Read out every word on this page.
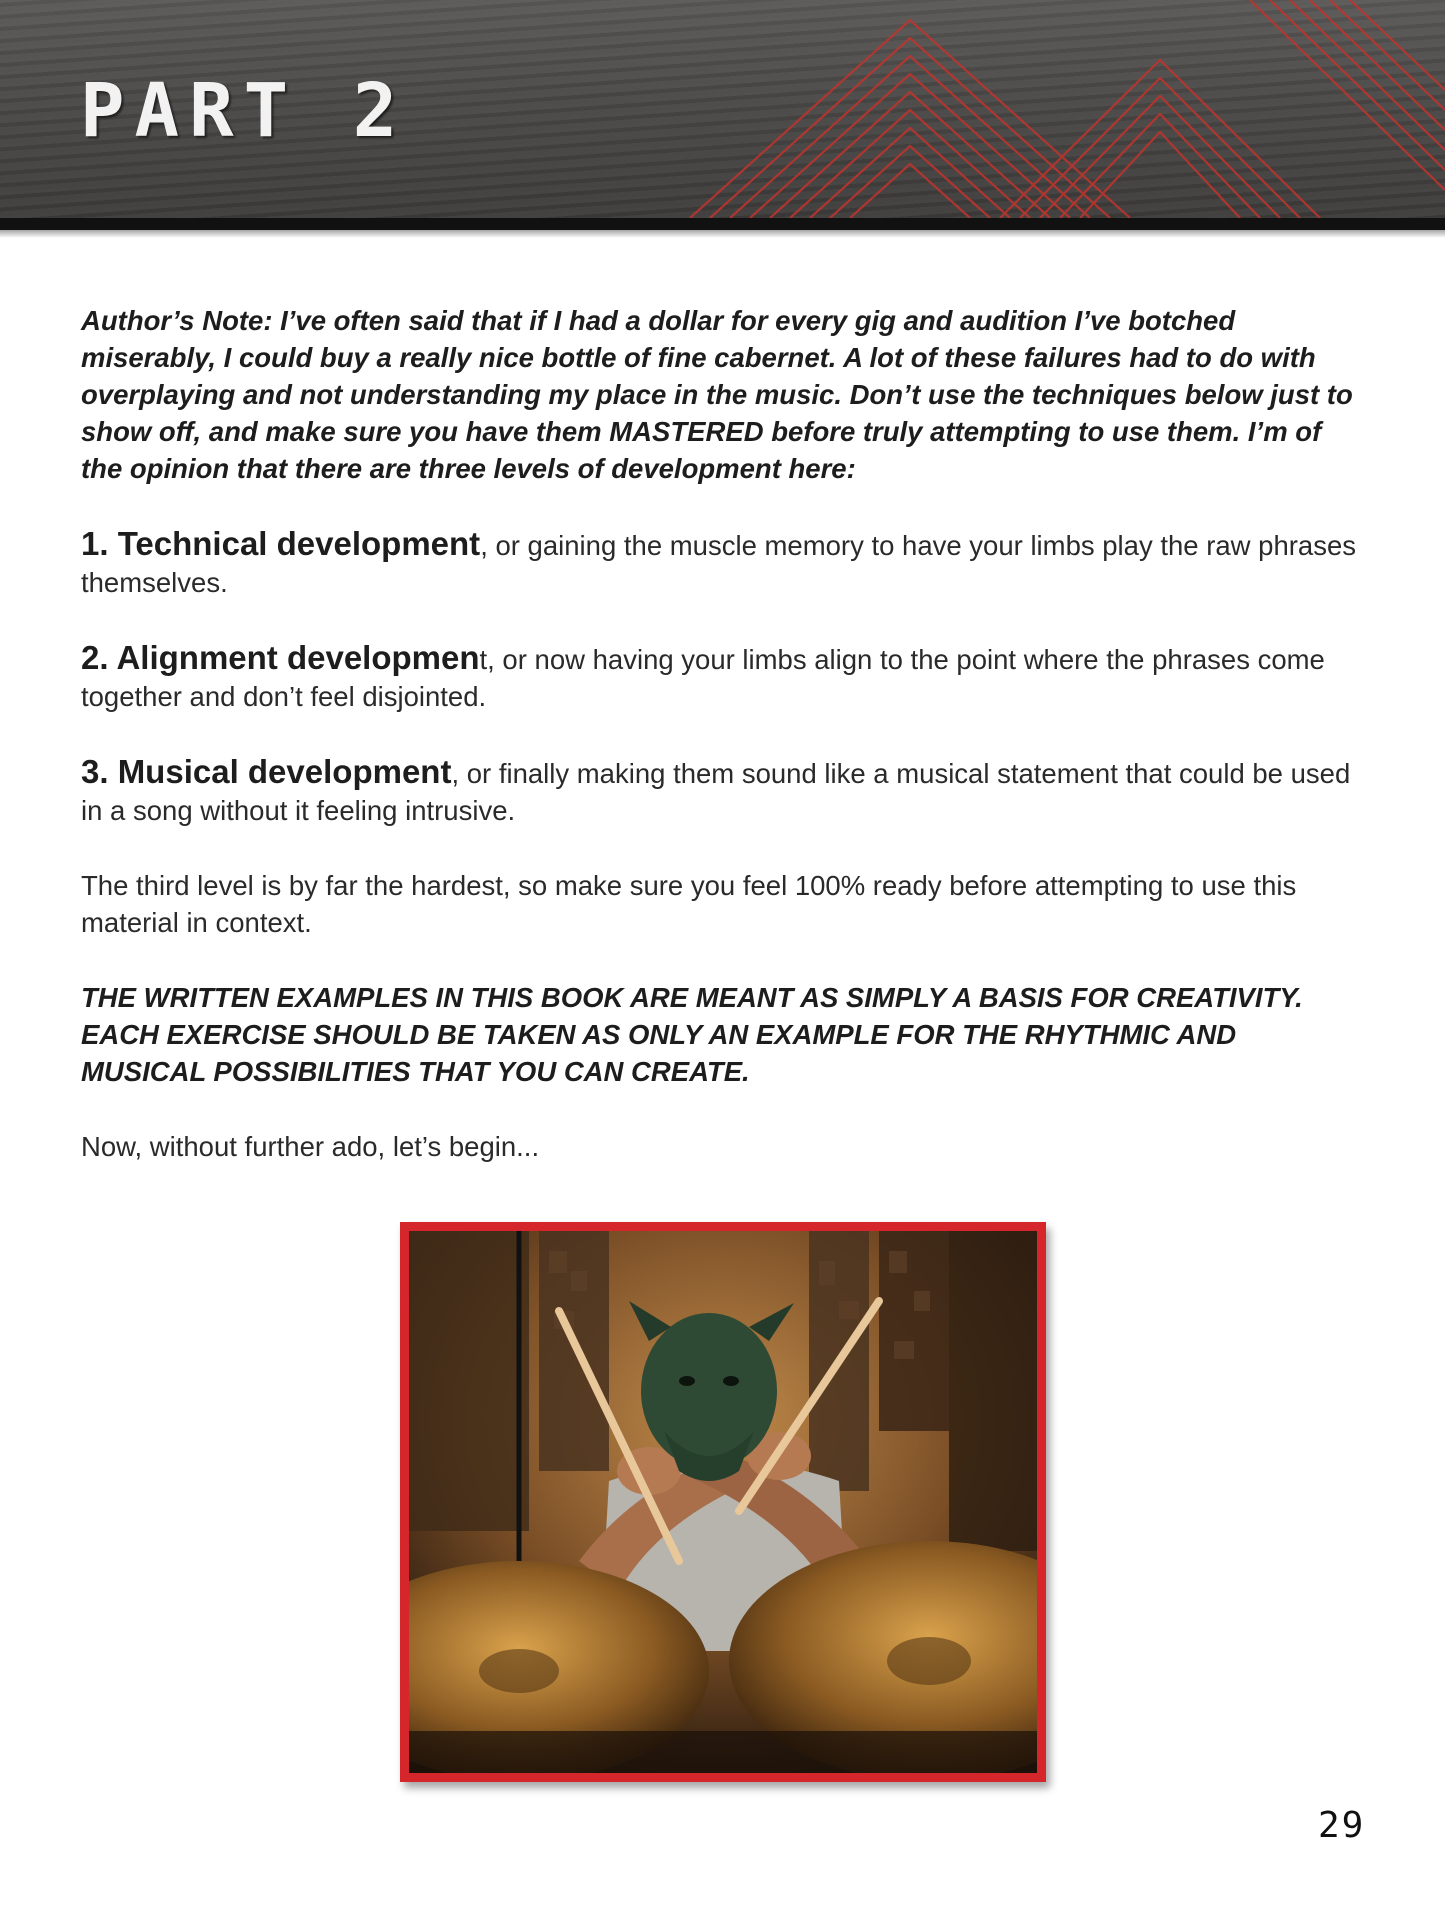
PART 2

Author’s Note: I’ve often said that if I had a dollar for every gig and audition I’ve botched miserably, I could buy a really nice bottle of fine cabernet. A lot of these failures had to do with overplaying and not understanding my place in the music. Don’t use the techniques below just to show off, and make sure you have them MASTERED before truly attempting to use them. I’m of the opinion that there are three levels of development here:

1. Technical development, or gaining the muscle memory to have your limbs play the raw phrases themselves.

2. Alignment development, or now having your limbs align to the point where the phrases come together and don’t feel disjointed.

3. Musical development, or finally making them sound like a musical statement that could be used in a song without it feeling intrusive.

The third level is by far the hardest, so make sure you feel 100% ready before attempting to use this material in context.

THE WRITTEN EXAMPLES IN THIS BOOK ARE MEANT AS SIMPLY A BASIS FOR CREATIVITY.

EACH EXERCISE SHOULD BE TAKEN AS ONLY AN EXAMPLE FOR THE RHYTHMIC AND MUSICAL POSSIBILITIES THAT YOU CAN CREATE.

Now, without further ado, let’s begin...

29
